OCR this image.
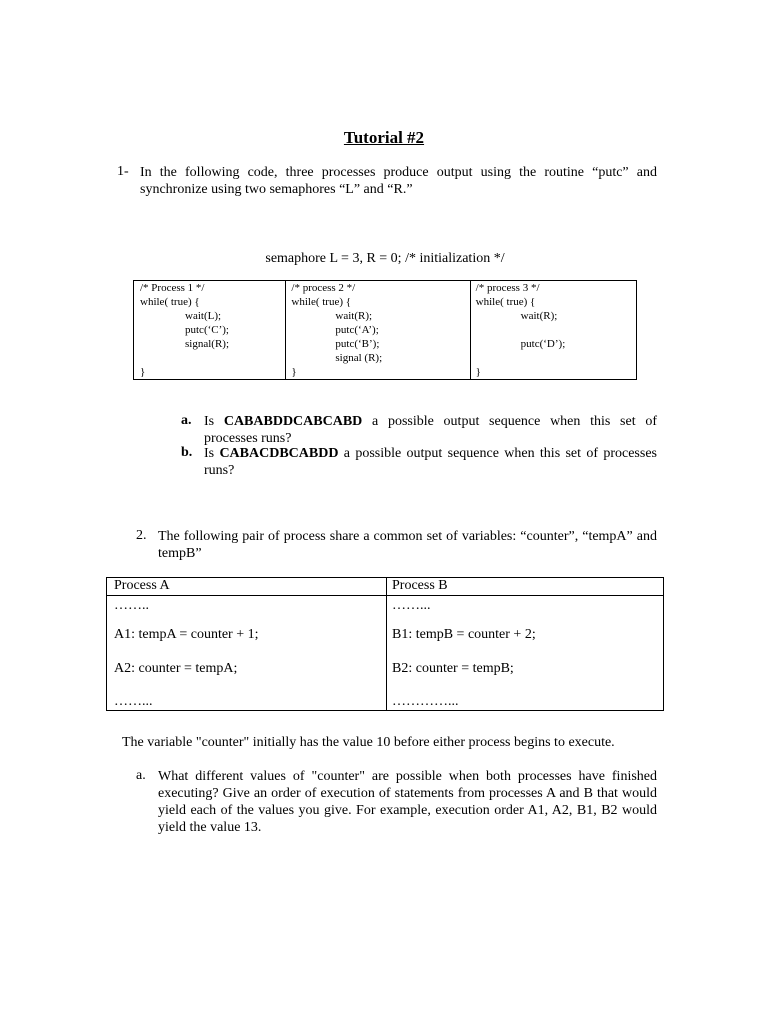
Tutorial #2
1- In the following code, three processes produce output using the routine “putc” and synchronize using two semaphores “L” and “R.”
semaphore L = 3, R = 0; /* initialization */
/* Process 1 */
while( true) {
wait(L);
putc(‘C’);
signal(R);
}
/* process 2 */
while( true) {
wait(R);
putc(‘A’);
putc(‘B’);
signal (R);
}
/* process 3 */
while( true) {
wait(R);
putc(‘D’);
}
a. Is CABABDDCABCABD a possible output sequence when this set of processes runs?
b. Is CABACDBCABDD a possible output sequence when this set of processes runs?
2. The following pair of process share a common set of variables: “counter”, “tempA” and tempB”
Process A	Process B
……..
A1: tempA = counter + 1;
A2: counter = tempA;
……...
……...
B1: tempB = counter + 2;
B2: counter = tempB;
…………...
The variable "counter" initially has the value 10 before either process begins to execute.
a. What different values of "counter" are possible when both processes have finished executing? Give an order of execution of statements from processes A and B that would yield each of the values you give. For example, execution order A1, A2, B1, B2 would yield the value 13.
